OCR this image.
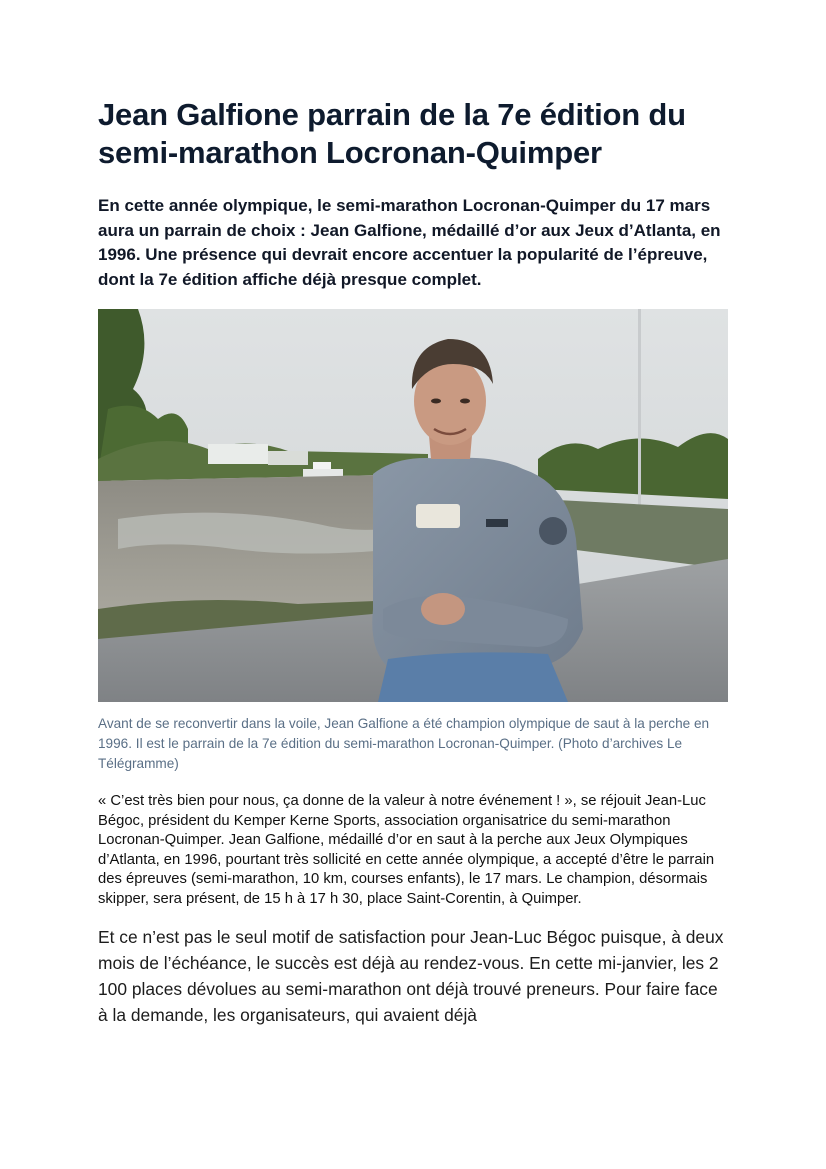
Jean Galfione parrain de la 7e édition du semi-marathon Locronan-Quimper

En cette année olympique, le semi-marathon Locronan-Quimper du 17 mars aura un parrain de choix : Jean Galfione, médaillé d’or aux Jeux d’Atlanta, en 1996. Une présence qui devrait encore accentuer la popularité de l’épreuve, dont la 7e édition affiche déjà presque complet.

Avant de se reconvertir dans la voile, Jean Galfione a été champion olympique de saut à la perche en 1996. Il est le parrain de la 7e édition du semi-marathon Locronan-Quimper. (Photo d’archives Le Télégramme)

« C’est très bien pour nous, ça donne de la valeur à notre événement ! », se réjouit Jean-Luc Bégoc, président du Kemper Kerne Sports, association organisatrice du semi-marathon Locronan-Quimper. Jean Galfione, médaillé d’or en saut à la perche aux Jeux Olympiques d’Atlanta, en 1996, pourtant très sollicité en cette année olympique, a accepté d’être le parrain des épreuves (semi-marathon, 10 km, courses enfants), le 17 mars. Le champion, désormais skipper, sera présent, de 15 h à 17 h 30, place Saint-Corentin, à Quimper.

Et ce n’est pas le seul motif de satisfaction pour Jean-Luc Bégoc puisque, à deux mois de l’échéance, le succès est déjà au rendez-vous. En cette mi-janvier, les 2 100 places dévolues au semi-marathon ont déjà trouvé preneurs. Pour faire face à la demande, les organisateurs, qui avaient déjà
